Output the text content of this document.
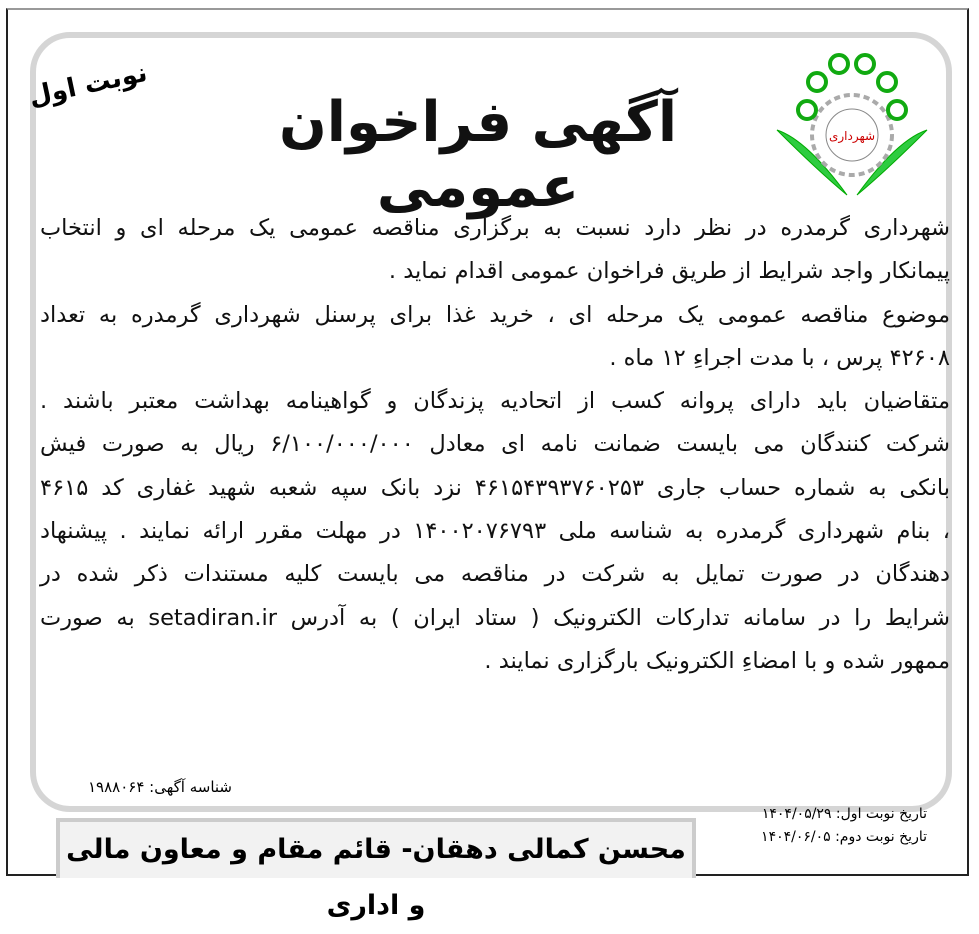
شهرداری
آگهی فراخوان عمومی
نوبت اول
شهرداری گرمدره در نظر دارد نسبت به برگزاری مناقصه عمومی یک مرحله ای و انتخاب
پیمانکار واجد شرایط از طریق فراخوان عمومی اقدام نماید .
موضوع مناقصه عمومی یک مرحله ای ، خرید غذا برای پرسنل شهرداری گرمدره به تعداد
۴۲۶۰۸ پرس ، با مدت اجراءِ ۱۲ ماه .
متقاضیان باید دارای پروانه کسب از اتحادیه پزندگان و گواهینامه بهداشت معتبر باشند .
شرکت کنندگان می بایست ضمانت نامه ای معادل ۶/۱۰۰/۰۰۰/۰۰۰ ریال به صورت فیش
بانکی به شماره حساب جاری ۴۶۱۵۴۳۹۳۷۶۰۲۵۳ نزد بانک سپه شعبه شهید غفاری کد ۴۶۱۵
، بنام شهرداری گرمدره به شناسه ملی ۱۴۰۰۲۰۷۶۷۹۳ در مهلت مقرر ارائه نمایند . پیشنهاد
دهندگان در صورت تمایل به شرکت در مناقصه می بایست کلیه مستندات ذکر شده در
شرایط را در سامانه تدارکات الکترونیک ( ستاد ایران ) به آدرس setadiran.ir به صورت
ممهور شده و با امضاءِ الکترونیک بارگزاری نمایند .
شناسه آگهی: ۱۹۸۸۰۶۴
تاریخ نوبت اول: ۱۴۰۴/۰۵/۲۹
تاریخ نوبت دوم: ۱۴۰۴/۰۶/۰۵
محسن کمالی دهقان- قائم مقام و معاون مالی و اداری
